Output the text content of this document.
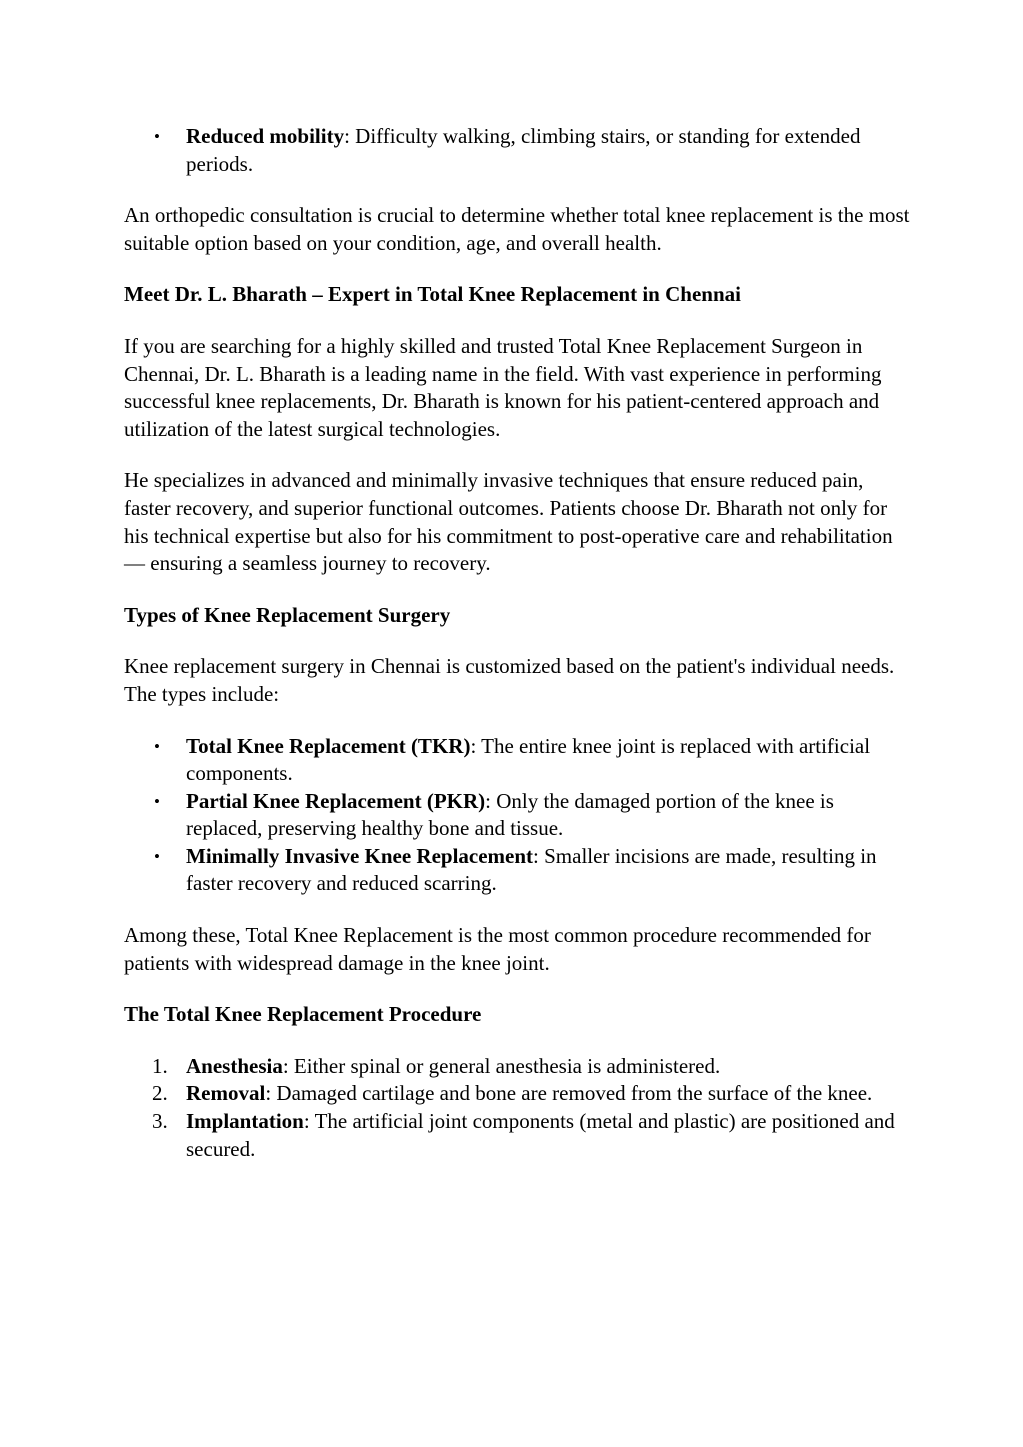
• Reduced mobility: Difficulty walking, climbing stairs, or standing for extended periods.

An orthopedic consultation is crucial to determine whether total knee replacement is the most suitable option based on your condition, age, and overall health.

Meet Dr. L. Bharath – Expert in Total Knee Replacement in Chennai

If you are searching for a highly skilled and trusted Total Knee Replacement Surgeon in Chennai, Dr. L. Bharath is a leading name in the field. With vast experience in performing successful knee replacements, Dr. Bharath is known for his patient-centered approach and utilization of the latest surgical technologies.

He specializes in advanced and minimally invasive techniques that ensure reduced pain, faster recovery, and superior functional outcomes. Patients choose Dr. Bharath not only for his technical expertise but also for his commitment to post-operative care and rehabilitation — ensuring a seamless journey to recovery.

Types of Knee Replacement Surgery

Knee replacement surgery in Chennai is customized based on the patient's individual needs. The types include:

• Total Knee Replacement (TKR): The entire knee joint is replaced with artificial components.
• Partial Knee Replacement (PKR): Only the damaged portion of the knee is replaced, preserving healthy bone and tissue.
• Minimally Invasive Knee Replacement: Smaller incisions are made, resulting in faster recovery and reduced scarring.

Among these, Total Knee Replacement is the most common procedure recommended for patients with widespread damage in the knee joint.

The Total Knee Replacement Procedure
1. Anesthesia: Either spinal or general anesthesia is administered.
2. Removal: Damaged cartilage and bone are removed from the surface of the knee.
3. Implantation: The artificial joint components (metal and plastic) are positioned and secured.
